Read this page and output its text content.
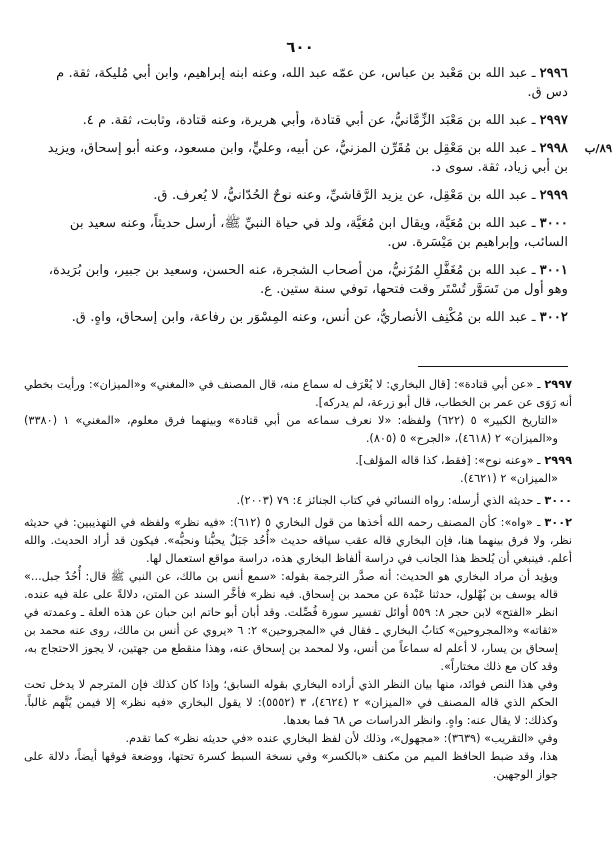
٦٠٠

٢٩٩٦ـ عبد الله بن مَعْبد بن عباس، عن عمّه عبد الله، وعنه ابنه إبراهيم، وابن أبي مُليكة، ثقة. م دس ق.

٢٩٩٧ـ عبد الله بن مَعْبَد الزِّمَّانيُّ، عن أبي قتادة، وأبي هريرة، وعنه قتادة، وثابت، ثقة. م ٤.

٨٩/ب
٢٩٩٨ـ عبد الله بن مَعْقِل بن مُقَرِّن المزنيُّ، عن أبيه، وعليٍّ، وابن مسعود، وعنه أبو إسحاق، ويزيد بن أبي زياد، ثقة. سوى د.

٢٩٩٩ـ عبد الله بن مَعْقِل، عن يزيد الرَّقاشيِّ، وعنه نوحٌ الحُدّانيُّ، لا يُعرف. ق.

٣٠٠٠ـ عبد الله بن مُعَيَّة، ويقال ابن مُعَيَّة، ولد في حياة النبيِّ ﷺ، أرسل حديثاً، وعنه سعيد بن السائب، وإبراهيم بن مَيْسَرة. س.

٣٠٠١ـ عبد الله بن مُغَفَّلِ المُزَنيُّ، من أصحاب الشجرة، عنه الحسن، وسعيد بن جبير، وابن بُرَيدة، وهو أول من تَسَوَّر تُسْتَر وقت فتحها، توفي سنة ستين. ع.

٣٠٠٢ـ عبد الله بن مُكْنِف الأنصاريُّ، عن أنس، وعنه المِسْوَر بن رفاعة، وابن إسحاق، واهٍ. ق.

٢٩٩٧ـ «عن أبي قتادة»: [قال البخاري: لا يُعْرَف له سماع منه، قال المصنف في «المغني» و«الميزان»: ورأيت بخطي أنه رَوَى عن عمر بن الخطاب، قال أبو زرعة، لم يدركه].

«التاريخ الكبير» ٥ (٦٢٢) ولفظه: «لا نعرف سماعه من أبي قتادة» وبينهما فرق معلوم، «المغني» ١ (٣٣٨٠) و«الميزان» ٢ (٤٦١٨)، «الجرح» ٥ (٨٠٥).

٢٩٩٩ـ «وعنه نوح»: [فقط، كذا قاله المؤلف].

«الميزان» ٢ (٤٦٢١).

٣٠٠٠ـ حديثه الذي أرسله: رواه النسائي في كتاب الجنائز ٤: ٧٩ (٢٠٠٣).

٣٠٠٢ـ «واه»: كأن المصنف رحمه الله أخذها من قول البخاري ٥ (٦١٢): «فيه نظر» ولفظه في التهذيبين: في حديثه نظر، ولا فرق بينهما هنا، فإن البخاري قاله عقب سياقه حديث «أُحُد جَبَلٌ يحبُّنا ونحبُّه». فيكون قد أراد الحديث. والله أعلم. فينبغي أن يُلحظ هذا الجانب في دراسة ألفاظ البخاري هذه، دراسة مواقع استعمال لها.

ويؤيد أن مراد البخاري هو الحديث: أنه صدَّر الترجمة بقوله: «سمع أنس بن مالك، عن النبي ﷺ قال: أُحُدٌ جبل...» قاله يوسف بن بُهْلول، حدثنا عَبْدة عن محمد بن إسحاق. فيه نظر» فأخَّر السند عن المتن، دلالةً على علة فيه عنده. انظر «الفتح» لابن حجر ٨: ٥٥٩ أوائل تفسير سورة فُصِّلت. وقد أبان أبو حاتم ابن حبان عن هذه العلة ـ وعمدته في «ثقاته» و«المجروحين» كتابُ البخاري ـ فقال في «المجروحين» ٢: ٦ «يروي عن أنس بن مالك، روى عنه محمد بن إسحاق بن يسار، لا أعلم له سماعاً من أنس، ولا لمحمد بن إسحاق عنه، وهذا منقطع من جهتين، لا يجوز الاحتجاج به، وقد كان مع ذلك مختاراً».

وفي هذا النص فوائد، منها بيان النظر الذي أراده البخاري بقوله السابق؛ وإذا كان كذلك فإن المترجم لا يدخل تحت الحكم الذي قاله المصنف في «الميزان» ٢ (٤٦٢٤)، ٣ (٥٥٥٢): لا يقول البخاري «فيه نظر» إلا فيمن يُتَّهم غالباً. وكذلك: لا يقال عنه: واهٍ. وانظر الدراسات ص ٦٨ فما بعدها.

وفي «التقريب» (٣٦٣٩): «مجهول»، وذلك لأن لفظ البخاري عنده «في حديثه نظر» كما تقدم.

هذا، وقد ضبط الحافظ الميم من مكنف «بالكسر» وفي نسخة السبط كسرة تحتها، ووضعة فوقها أيضاً، دلالة على جواز الوجهين.
